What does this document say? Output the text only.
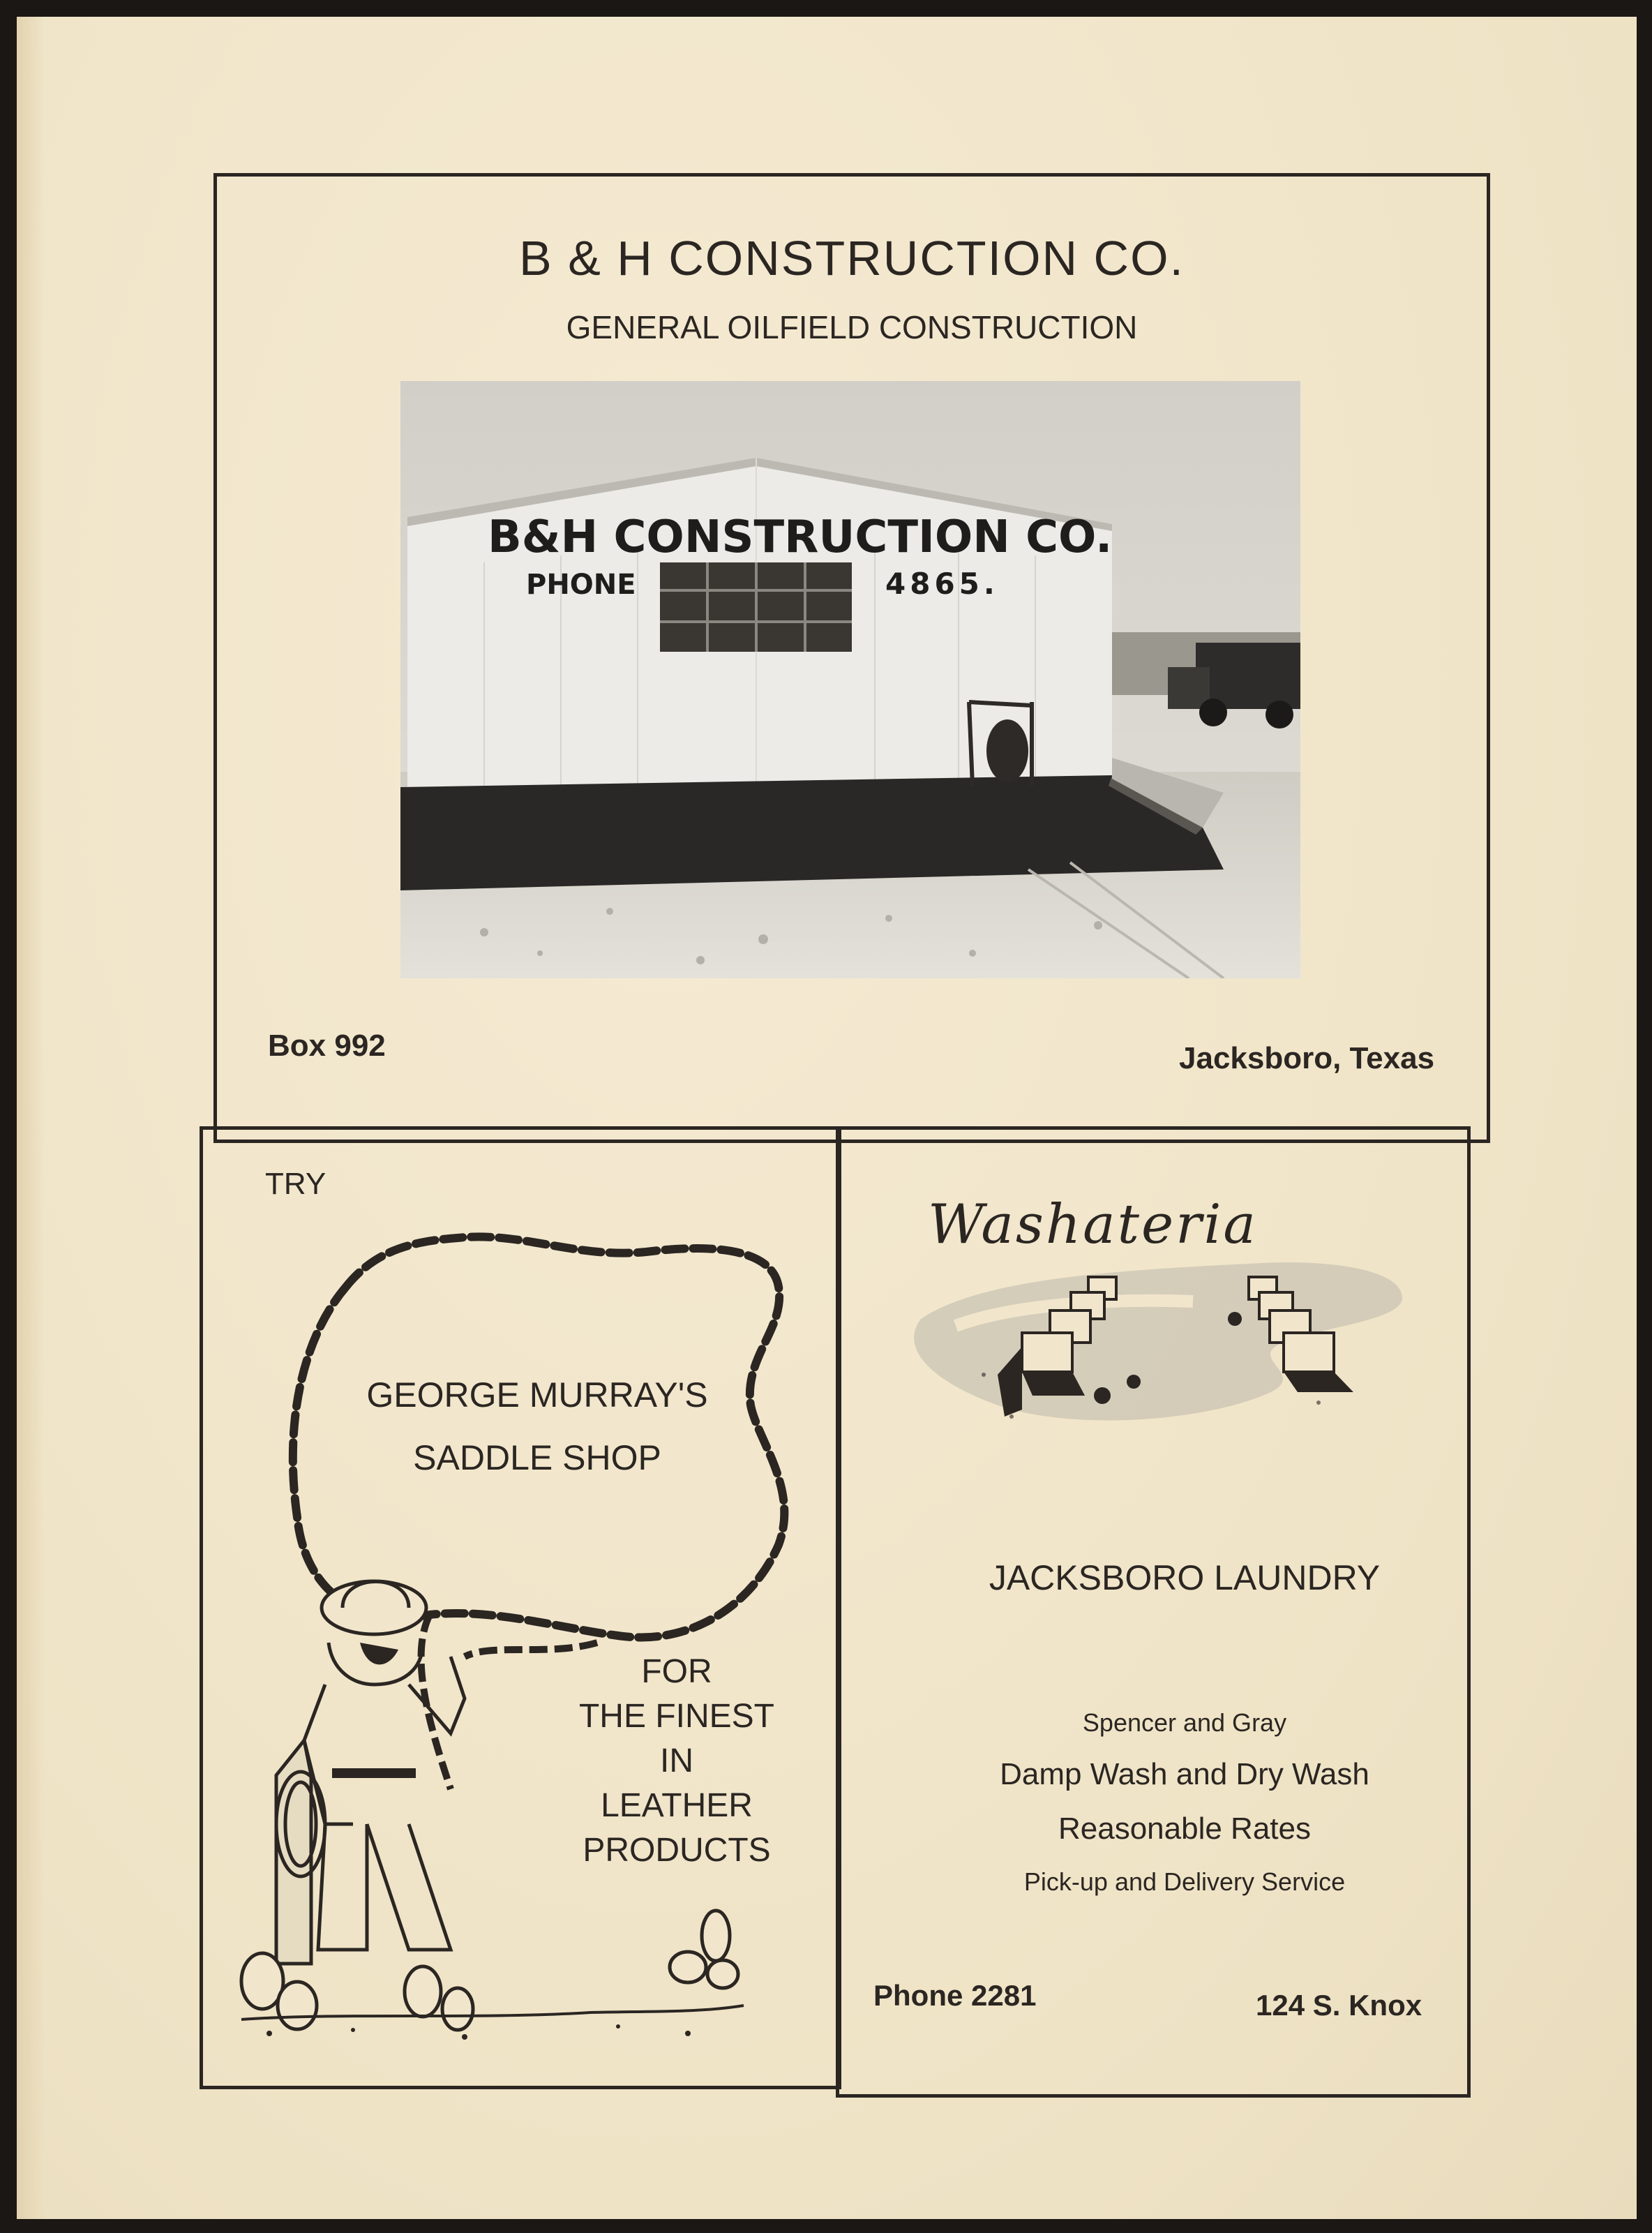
B & H CONSTRUCTION CO.
GENERAL OILFIELD CONSTRUCTION
B&H CONSTRUCTION CO.
PHONE	4865.
Box 992	Jacksboro, Texas
TRY
GEORGE MURRAY'S
SADDLE SHOP
FOR
THE FINEST
IN
LEATHER
PRODUCTS
Washateria
JACKSBORO LAUNDRY
Spencer and Gray
Damp Wash and Dry Wash
Reasonable Rates
Pick-up and Delivery Service
Phone 2281	124 S. Knox
